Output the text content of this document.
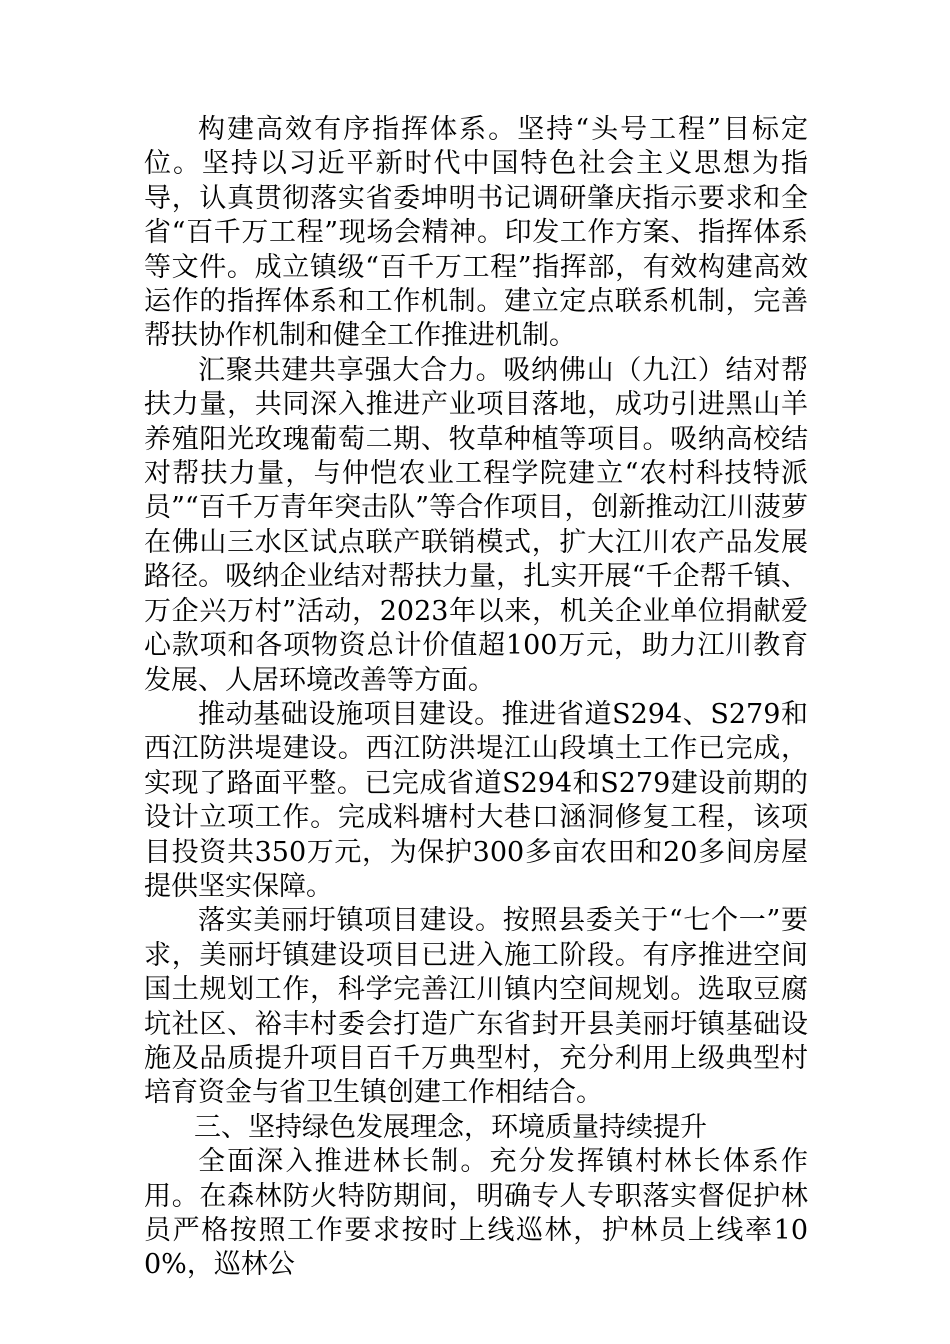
构建高效有序指挥体系。坚持“头号工程”目标定位。坚持以习近平新时代中国特色社会主义思想为指导，认真贯彻落实省委坤明书记调研肇庆指示要求和全省“百千万工程”现场会精神。印发工作方案、指挥体系等文件。成立镇级“百千万工程”指挥部，有效构建高效运作的指挥体系和工作机制。建立定点联系机制，完善帮扶协作机制和健全工作推进机制。

汇聚共建共享强大合力。吸纳佛山（九江）结对帮扶力量，共同深入推进产业项目落地，成功引进黑山羊养殖阳光玫瑰葡萄二期、牧草种植等项目。吸纳高校结对帮扶力量，与仲恺农业工程学院建立“农村科技特派员”“百千万青年突击队”等合作项目，创新推动江川菠萝在佛山三水区试点联产联销模式，扩大江川农产品发展路径。吸纳企业结对帮扶力量，扎实开展“千企帮千镇、万企兴万村”活动，2023年以来，机关企业单位捐献爱心款项和各项物资总计价值超100万元，助力江川教育发展、人居环境改善等方面。

推动基础设施项目建设。推进省道S294、S279和西江防洪堤建设。西江防洪堤江山段填土工作已完成，实现了路面平整。已完成省道S294和S279建设前期的设计立项工作。完成料塘村大巷口涵洞修复工程，该项目投资共350万元，为保护300多亩农田和20多间房屋提供坚实保障。

落实美丽圩镇项目建设。按照县委关于“七个一”要求，美丽圩镇建设项目已进入施工阶段。有序推进空间国土规划工作，科学完善江川镇内空间规划。选取豆腐坑社区、裕丰村委会打造广东省封开县美丽圩镇基础设施及品质提升项目百千万典型村，充分利用上级典型村培育资金与省卫生镇创建工作相结合。

三、坚持绿色发展理念，环境质量持续提升

全面深入推进林长制。充分发挥镇村林长体系作用。在森林防火特防期间，明确专人专职落实督促护林员严格按照工作要求按时上线巡林，护林员上线率100%，巡林公
